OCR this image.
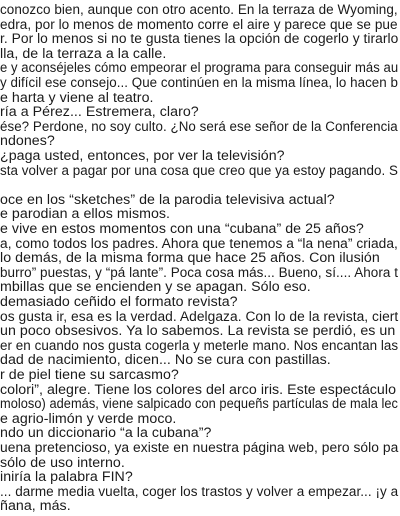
conozco bien, aunque con otro acento. En la terraza de Wyoming,
edra, por lo menos de momento corre el aire y parece que se pue
r. Por lo menos si no te gusta tienes la opción de cogerlo y tirarlo
lla, de la terraza a la calle.
e y aconséjeles cómo empeorar el programa para conseguir más au
y difícil ese consejo... Que continúen en la misma línea, lo hacen b
e harta y viene al teatro.
ría a Pérez... Estremera, claro?
ése? Perdone, no soy culto. ¿No será ese señor de la Conferencia
ndones?
¿paga usted, entonces, por ver la televisión?
sta volver a pagar por una cosa que creo que ya estoy pagando. S
oce en los “sketches” de la parodia televisiva actual?
e parodian a ellos mismos.
e vive en estos momentos con una “cubana” de 25 años?
a, como todos los padres. Ahora que tenemos a “la nena” criada,
lo demás, de la misma forma que hace 25 años. Con ilusión
burro” puestas, y “pá lante”. Poca cosa más... Bueno, sí.... Ahora t
mbillas que se encienden y se apagan. Sólo eso.
demasiado ceñido el formato revista?
os gusta ir, esa es la verdad. Adelgaza. Con lo de la revista, ciert
un poco obsesivos. Ya lo sabemos. La revista se perdió, es un
er en cuando nos gusta cogerla y meterle mano. Nos encantan las
dad de nacimiento, dicen... No se cura con pastillas.
r de piel tiene su sarcasmo?
colori”, alegre. Tiene los colores del arco iris. Este espectáculo
moloso) además, viene salpicado con pequeñs partículas de mala lec
e agrio-limón y verde moco.
ndo un diccionario “a la cubana”?
uena pretencioso, ya existe en nuestra página web, pero sólo pa
sólo de uso interno.
iniría la palabra FIN?
... darme media vuelta, coger los trastos y volver a empezar... ¡y a
ñana, más.
